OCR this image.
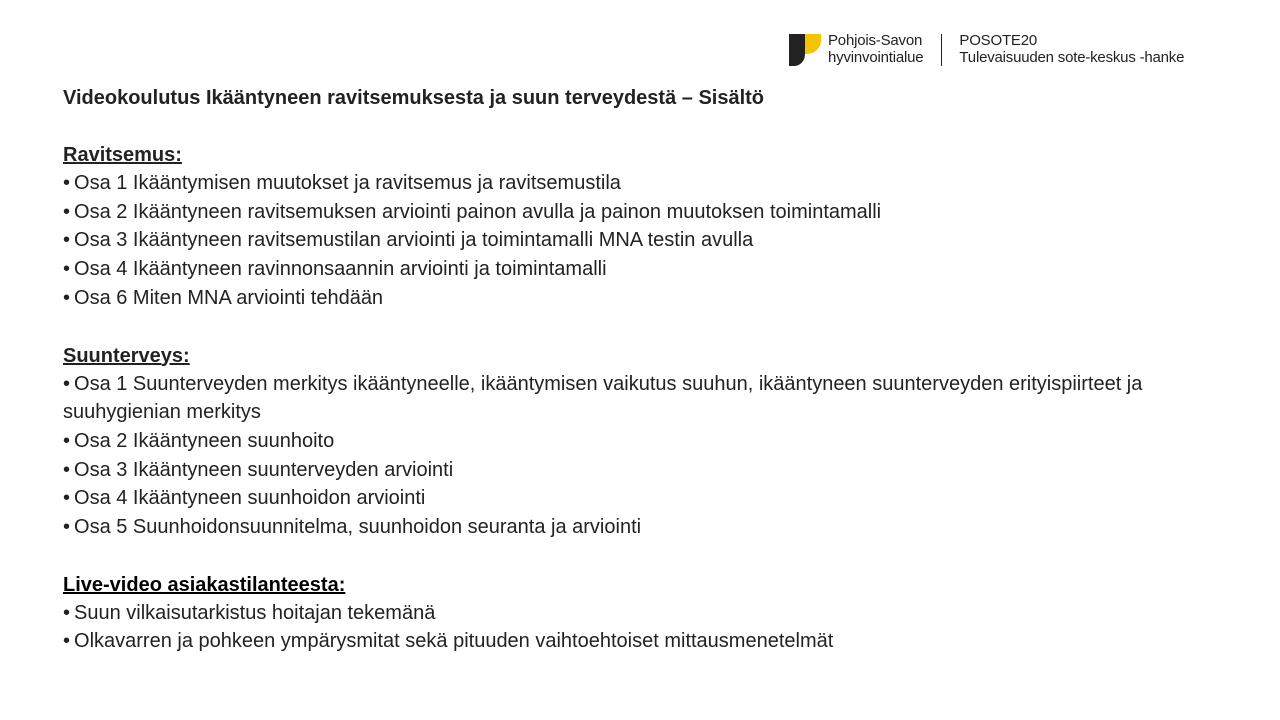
Pohjois-Savon
hyvinvointialue
POSOTE20
Tulevaisuuden sote-keskus -hanke

Videokoulutus Ikääntyneen ravitsemuksesta ja suun terveydestä – Sisältö

Ravitsemus:

• Osa 1 Ikääntymisen muutokset ja ravitsemus ja ravitsemustila

• Osa 2 Ikääntyneen ravitsemuksen arviointi painon avulla ja painon muutoksen toimintamalli

• Osa 3 Ikääntyneen ravitsemustilan arviointi ja toimintamalli MNA testin avulla

• Osa 4 Ikääntyneen ravinnonsaannin arviointi ja toimintamalli

• Osa 6 Miten MNA arviointi tehdään

Suunterveys:

• Osa 1 Suunterveyden merkitys ikääntyneelle, ikääntymisen vaikutus suuhun, ikääntyneen suunterveyden erityispiirteet ja suuhygienian merkitys

• Osa 2 Ikääntyneen suunhoito

• Osa 3 Ikääntyneen suunterveyden arviointi

• Osa 4 Ikääntyneen suunhoidon arviointi

• Osa 5 Suunhoidonsuunnitelma, suunhoidon seuranta ja arviointi

Live-video asiakastilanteesta:

• Suun vilkaisutarkistus hoitajan tekemänä

• Olkavarren ja pohkeen ympärysmitat sekä pituuden vaihtoehtoiset mittausmenetelmät
